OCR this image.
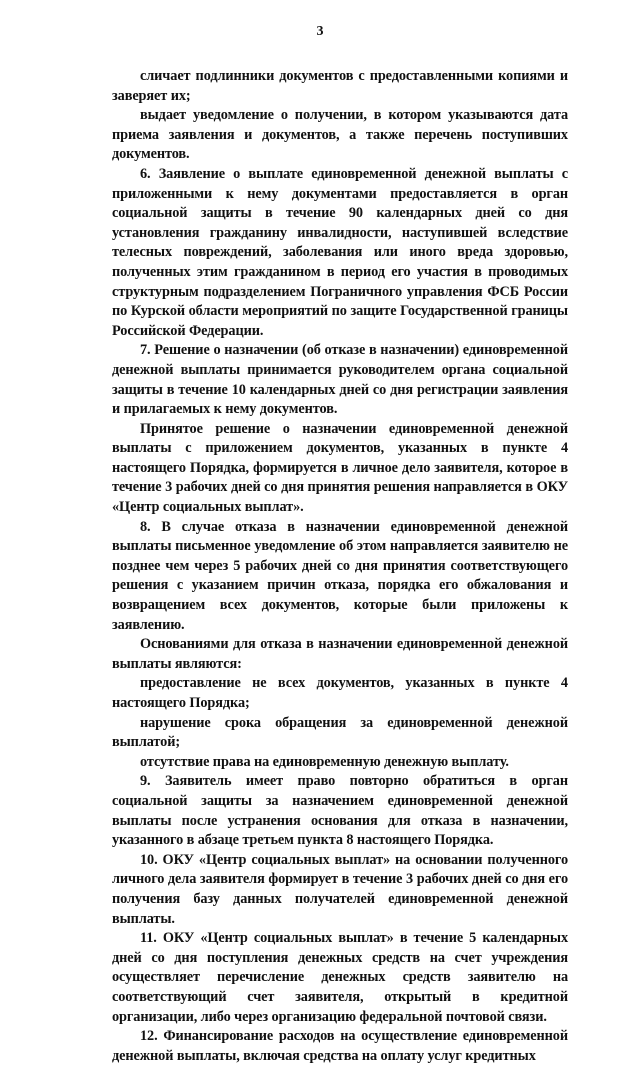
3

сличает подлинники документов с предоставленными копиями и заверяет их;

выдает уведомление о получении, в котором указываются дата приема заявления и документов, а также перечень поступивших документов.

6. Заявление о выплате единовременной денежной выплаты с приложенными к нему документами предоставляется в орган социальной защиты в течение 90 календарных дней со дня установления гражданину инвалидности, наступившей вследствие телесных повреждений, заболевания или иного вреда здоровью, полученных этим гражданином в период его участия в проводимых структурным подразделением Пограничного управления ФСБ России по Курской области мероприятий по защите Государственной границы Российской Федерации.

7. Решение о назначении (об отказе в назначении) единовременной денежной выплаты принимается руководителем органа социальной защиты в течение 10 календарных дней со дня регистрации заявления и прилагаемых к нему документов.

Принятое решение о назначении единовременной денежной выплаты с приложением документов, указанных в пункте 4 настоящего Порядка, формируется в личное дело заявителя, которое в течение 3 рабочих дней со дня принятия решения направляется в ОКУ «Центр социальных выплат».

8. В случае отказа в назначении единовременной денежной выплаты письменное уведомление об этом направляется заявителю не позднее чем через 5 рабочих дней со дня принятия соответствующего решения с указанием причин отказа, порядка его обжалования и возвращением всех документов, которые были приложены к заявлению.

Основаниями для отказа в назначении единовременной денежной выплаты являются:

предоставление не всех документов, указанных в пункте 4 настоящего Порядка;

нарушение срока обращения за единовременной денежной выплатой;

отсутствие права на единовременную денежную выплату.

9. Заявитель имеет право повторно обратиться в орган социальной защиты за назначением единовременной денежной выплаты после устранения основания для отказа в назначении, указанного в абзаце третьем пункта 8 настоящего Порядка.

10. ОКУ «Центр социальных выплат» на основании полученного личного дела заявителя формирует в течение 3 рабочих дней со дня его получения базу данных получателей единовременной денежной выплаты.

11. ОКУ «Центр социальных выплат» в течение 5 календарных дней со дня поступления денежных средств на счет учреждения осуществляет перечисление денежных средств заявителю на соответствующий счет заявителя, открытый в кредитной организации, либо через организацию федеральной почтовой связи.

12. Финансирование расходов на осуществление единовременной денежной выплаты, включая средства на оплату услуг кредитных
